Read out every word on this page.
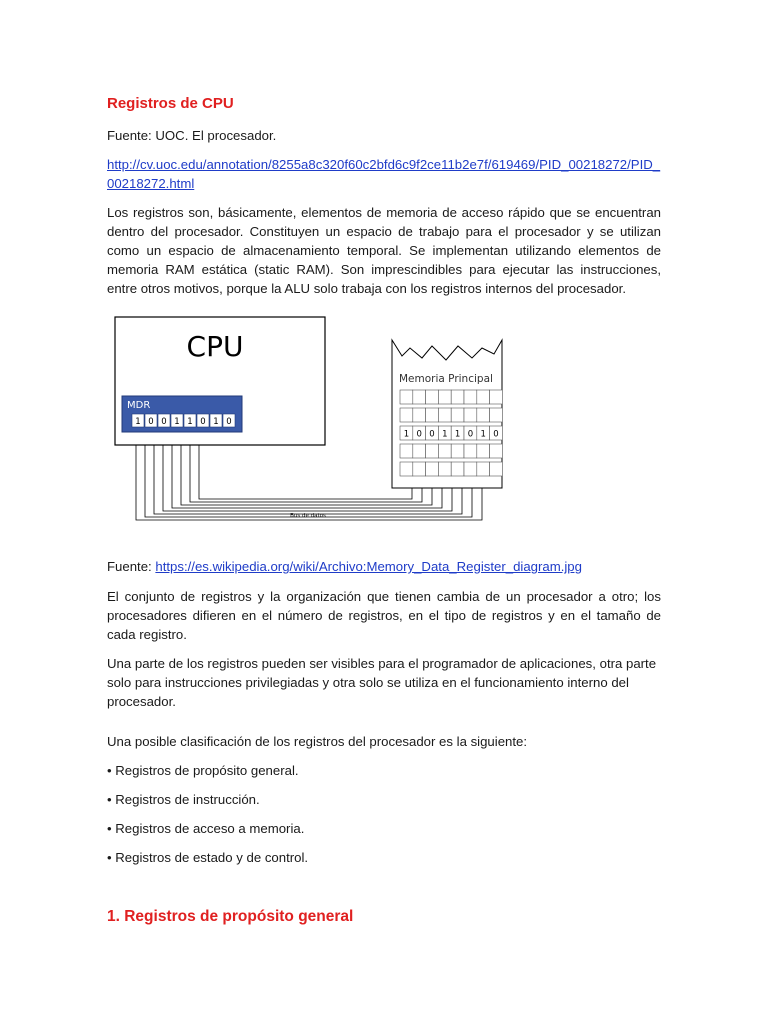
Registros de CPU
Fuente: UOC. El procesador.
http://cv.uoc.edu/annotation/8255a8c320f60c2bfd6c9f2ce11b2e7f/619469/PID_00218272/PID_00218272.html
Los registros son, básicamente, elementos de memoria de acceso rápido que se encuentran dentro del procesador. Constituyen un espacio de trabajo para el procesador y se utilizan como un espacio de almacenamiento temporal. Se implementan utilizando elementos de memoria RAM estática (static RAM). Son imprescindibles para ejecutar las instrucciones, entre otros motivos, porque la ALU solo trabaja con los registros internos del procesador.
CPU
MDR
1 0 0 1 1 0 1 0
Bus de datos
Memoria Principal
1 0 0 1 1 0 1 0
Fuente: https://es.wikipedia.org/wiki/Archivo:Memory_Data_Register_diagram.jpg
El conjunto de registros y la organización que tienen cambia de un procesador a otro; los procesadores difieren en el número de registros, en el tipo de registros y en el tamaño de cada registro.
Una parte de los registros pueden ser visibles para el programador de aplicaciones, otra parte solo para instrucciones privilegiadas y otra solo se utiliza en el funcionamiento interno del procesador.
Una posible clasificación de los registros del procesador es la siguiente:
• Registros de propósito general.
• Registros de instrucción.
• Registros de acceso a memoria.
• Registros de estado y de control.
1. Registros de propósito general
